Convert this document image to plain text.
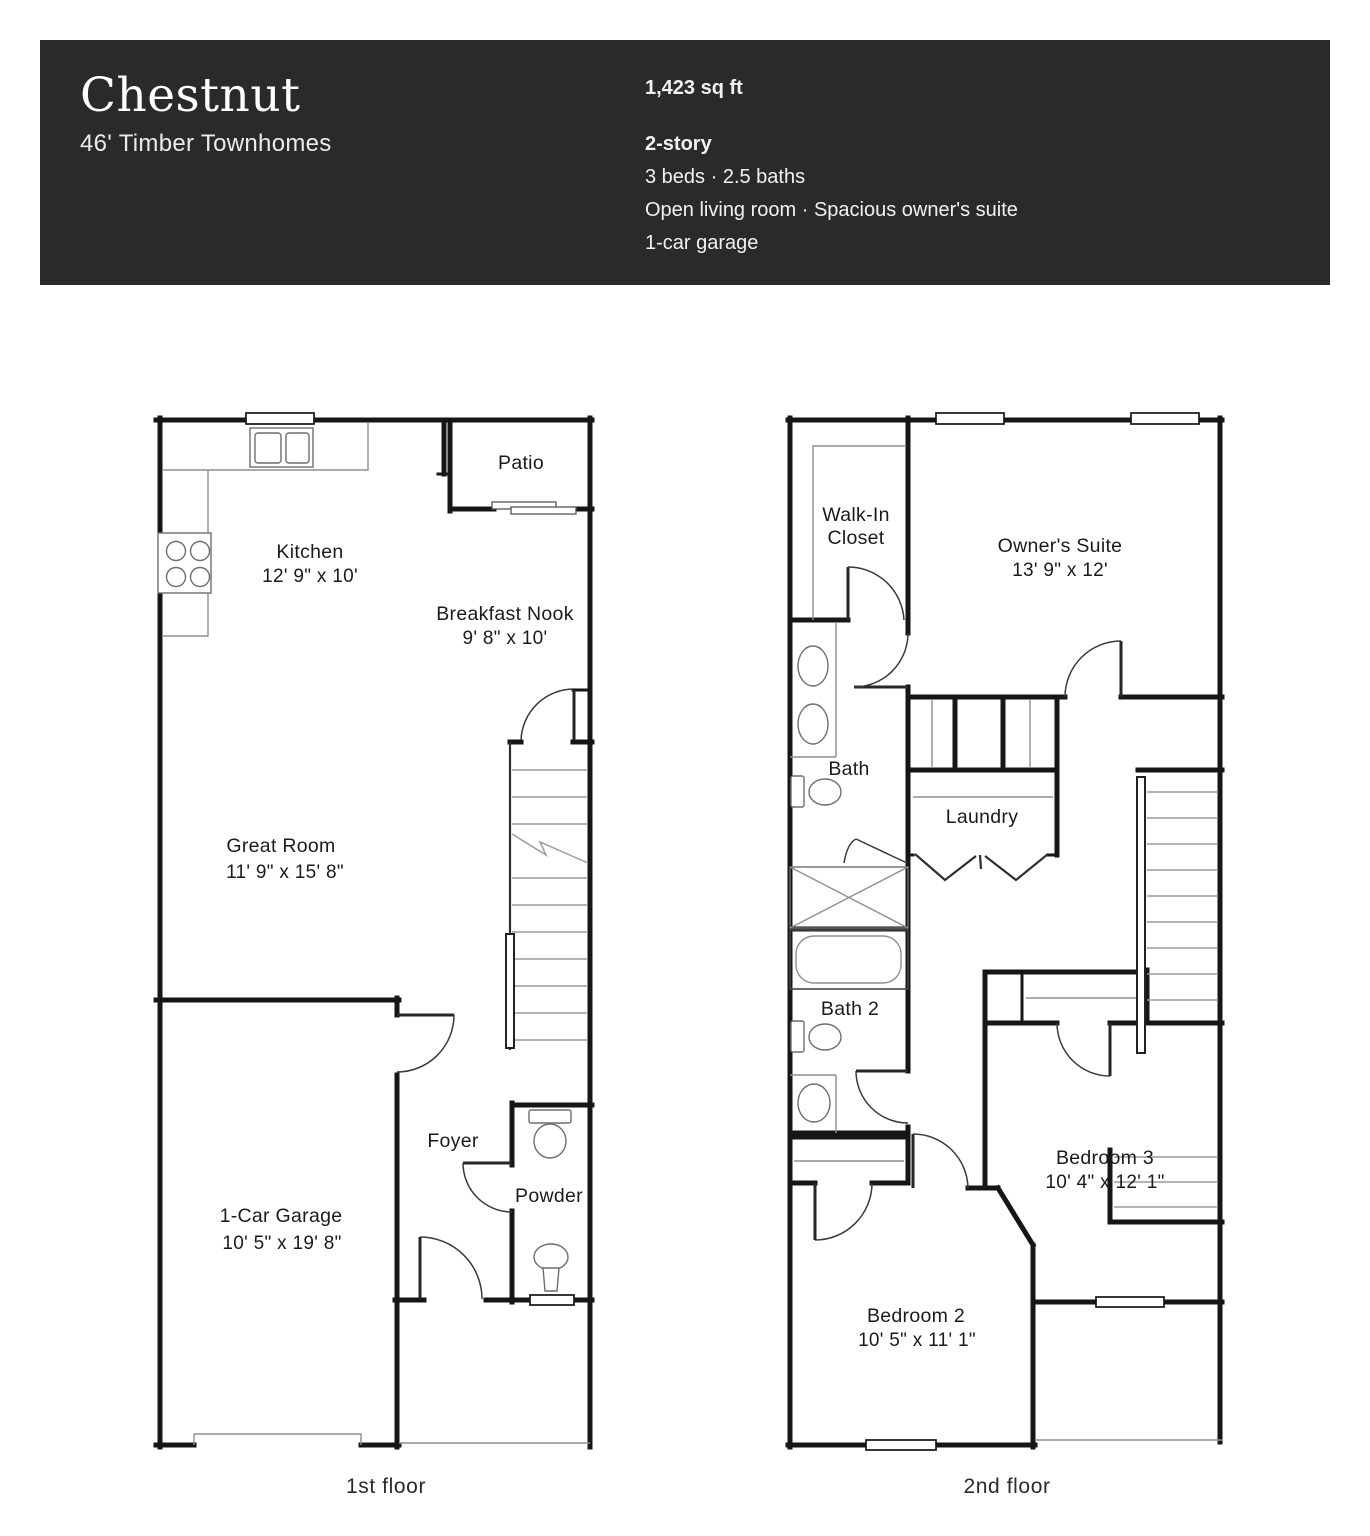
Patio
Kitchen
12' 9" x 10'
Breakfast Nook
9' 8" x 10'
Great Room
11' 9" x 15' 8"
Foyer
Powder
1-Car Garage
10' 5" x 19' 8"
1st floor
Walk-In
Closet	Owner's Suite
13' 9" x 12'
Bath
Laundry
Bath 2
Bedroom 3
10' 4" x 12' 1"
Bedroom 2
10' 5" x 11' 1"
2nd floor
Chestnut
46' Timber Townhomes
1,423 sq ft
2-story
3 beds · 2.5 baths
Open living room · Spacious owner's suite
1-car garage
